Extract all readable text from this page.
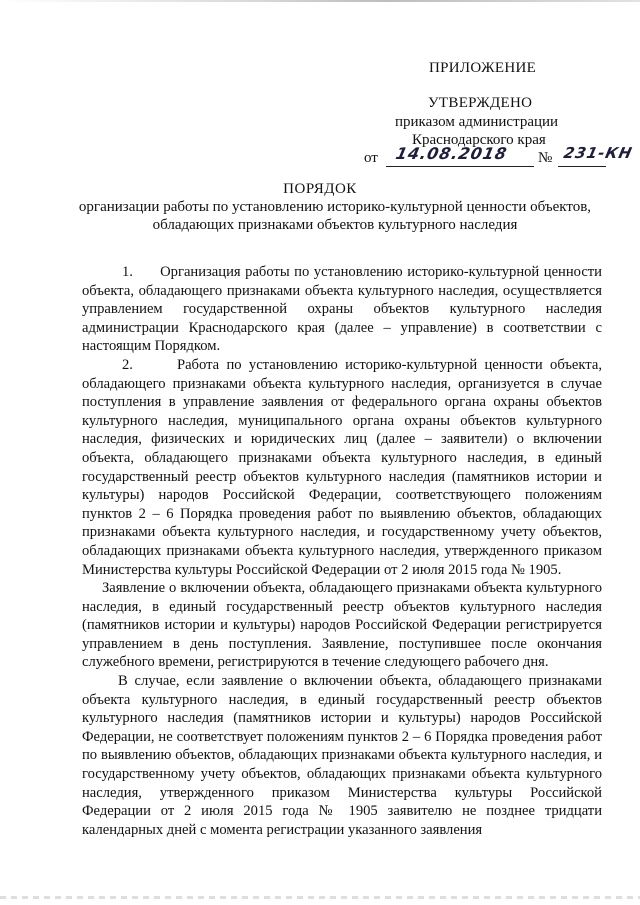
ПРИЛОЖЕНИЕ
УТВЕРЖДЕНО
приказом администрации
Краснодарского края
от 14.08.2018 № 231-КН
ПОРЯДОК
организации работы по установлению историко-культурной ценности объектов, обладающих признаками объектов культурного наследия

1.      Организация работы по установлению историко-культурной ценности объекта, обладающего признаками объекта культурного наследия, осуществляется управлением государственной охраны объектов культурного наследия администрации Краснодарского края (далее – управление) в соответствии с настоящим Порядком.

2.      Работа по установлению историко-культурной ценности объекта, обладающего признаками объекта культурного наследия, организуется в случае поступления в управление заявления от федерального органа охраны объектов культурного наследия, муниципального органа охраны объектов культурного наследия, физических и юридических лиц (далее – заявители) о включении объекта, обладающего признаками объекта культурного наследия, в единый государственный реестр объектов культурного наследия (памятников истории и культуры) народов Российской Федерации, соответствующего положениям пунктов 2 – 6 Порядка проведения работ по выявлению объектов, обладающих признаками объекта культурного наследия, и государственному учету объектов, обладающих признаками объекта культурного наследия, утвержденного приказом Министерства культуры Российской Федерации от 2 июля 2015 года № 1905.

Заявление о включении объекта, обладающего признаками объекта культурного наследия, в единый государственный реестр объектов культурного наследия (памятников истории и культуры) народов Российской Федерации регистрируется управлением в день поступления. Заявление, поступившее после окончания служебного времени, регистрируются в течение следующего рабочего дня.

В случае, если заявление о включении объекта, обладающего признаками объекта культурного наследия, в единый государственный реестр объектов культурного наследия (памятников истории и культуры) народов Российской Федерации, не соответствует положениям пунктов 2 – 6 Порядка проведения работ по выявлению объектов, обладающих признаками объекта культурного наследия, и государственному учету объектов, обладающих признаками объекта культурного наследия, утвержденного приказом Министерства культуры Российской Федерации от 2 июля 2015 года № 1905 заявителю не позднее тридцати календарных дней с момента регистрации указанного заявления
